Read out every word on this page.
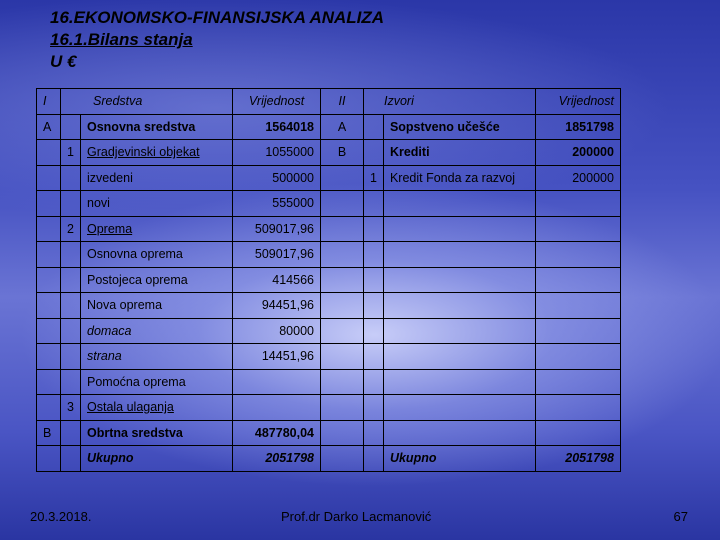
16.EKONOMSKO-FINANSIJSKA ANALIZA
16.1.Bilans stanja
U €
I	Sredstva		Vrijednost	II	Izvori		Vrijednost
A		Osnovna sredstva	1564018	A		Sopstveno učešće	1851798
	1	Gradjevinski objekat	1055000	B		Krediti	200000
		izvedeni	500000		1	Kredit Fonda za razvoj	200000
		novi	555000				
	2	Oprema	509017,96				
		Osnovna oprema	509017,96				
		Postojeca oprema	414566				
		Nova oprema	94451,96				
		domaca	80000				
		strana	14451,96				
		Pomoćna oprema					
	3	Ostala ulaganja					
B		Obrtna sredstva	487780,04				
		Ukupno	2051798			Ukupno	2051798
20.3.2018.	Prof.dr Darko Lacmanović	67
